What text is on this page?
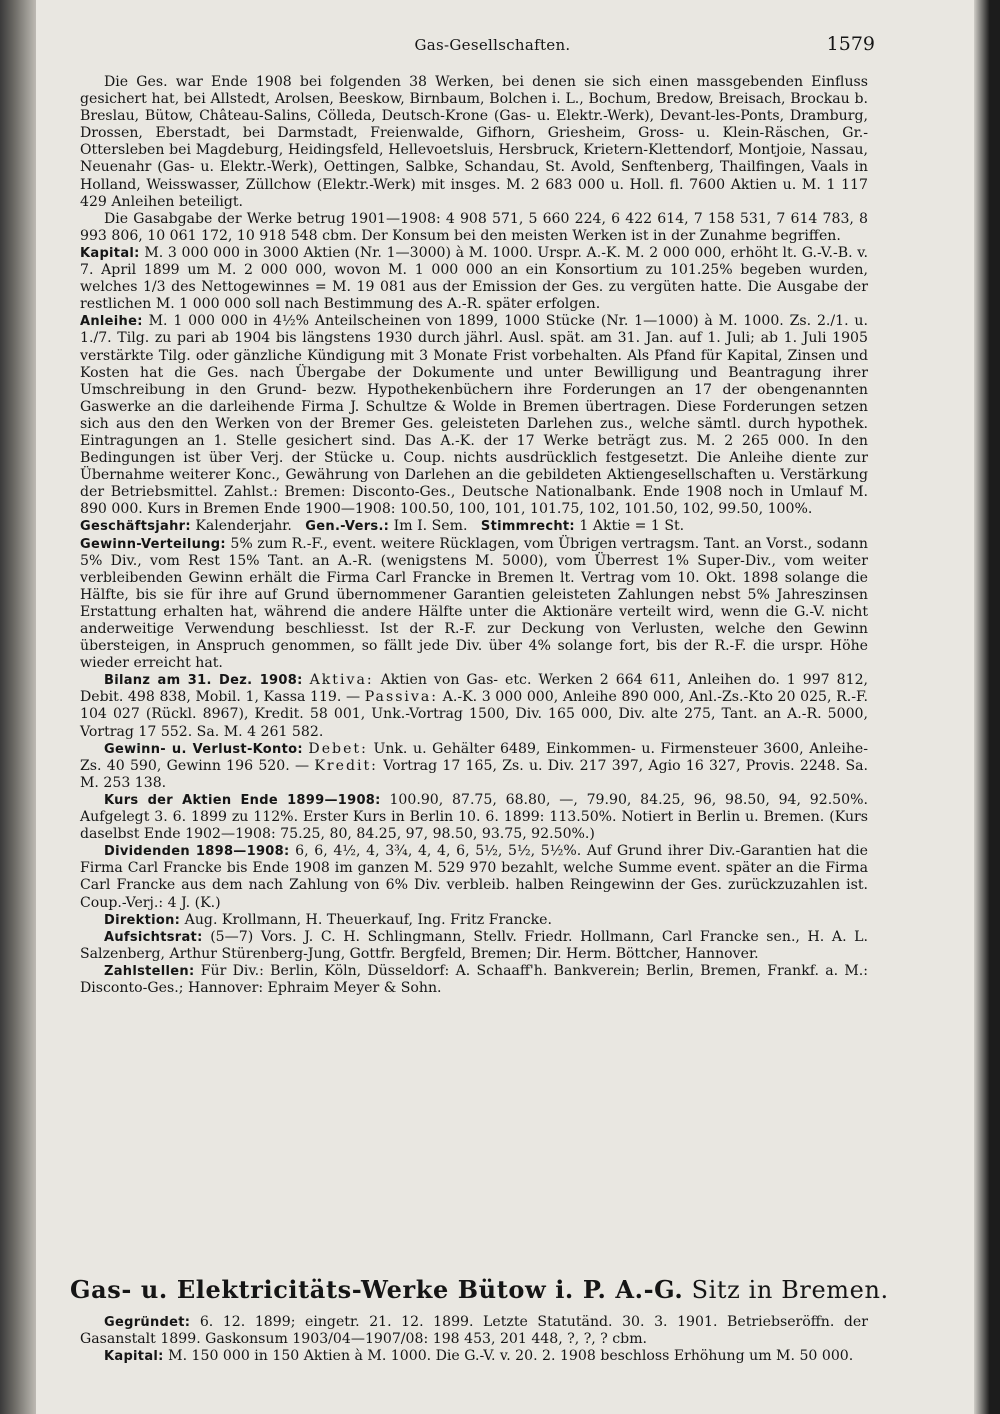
Gas-Gesellschaften.	1579

Die Ges. war Ende 1908 bei folgenden 38 Werken, bei denen sie sich einen massgebenden Einfluss gesichert hat, bei Allstedt, Arolsen, Beeskow, Birnbaum, Bolchen i. L., Bochum, Bredow, Breisach, Brockau b. Breslau, Bütow, Château-Salins, Cölleda, Deutsch-Krone (Gas- u. Elektr.-Werk), Devant-les-Ponts, Dramburg, Drossen, Eberstadt, bei Darmstadt, Freienwalde, Gifhorn, Griesheim, Gross- u. Klein-Räschen, Gr.-Ottersleben bei Magdeburg, Heidingsfeld, Hellevoetsluis, Hersbruck, Krietern-Klettendorf, Montjoie, Nassau, Neuenahr (Gas- u. Elektr.-Werk), Oettingen, Salbke, Schandau, St. Avold, Senftenberg, Thailfingen, Vaals in Holland, Weisswasser, Züllchow (Elektr.-Werk) mit insges. M. 2 683 000 u. Holl. fl. 7600 Aktien u. M. 1 117 429 Anleihen beteiligt.

Die Gasabgabe der Werke betrug 1901—1908: 4 908 571, 5 660 224, 6 422 614, 7 158 531, 7 614 783, 8 993 806, 10 061 172, 10 918 548 cbm. Der Konsum bei den meisten Werken ist in der Zunahme begriffen.

Kapital: M. 3 000 000 in 3000 Aktien (Nr. 1—3000) à M. 1000. Urspr. A.-K. M. 2 000 000, erhöht lt. G.-V.-B. v. 7. April 1899 um M. 2 000 000, wovon M. 1 000 000 an ein Konsortium zu 101.25% begeben wurden, welches 1/3 des Nettogewinnes = M. 19 081 aus der Emission der Ges. zu vergüten hatte. Die Ausgabe der restlichen M. 1 000 000 soll nach Bestimmung des A.-R. später erfolgen.

Anleihe: M. 1 000 000 in 4½% Anteilscheinen von 1899, 1000 Stücke (Nr. 1—1000) à M. 1000. Zs. 2./1. u. 1./7. Tilg. zu pari ab 1904 bis längstens 1930 durch jährl. Ausl. spät. am 31. Jan. auf 1. Juli; ab 1. Juli 1905 verstärkte Tilg. oder gänzliche Kündigung mit 3 Monate Frist vorbehalten. Als Pfand für Kapital, Zinsen und Kosten hat die Ges. nach Übergabe der Dokumente und unter Bewilligung und Beantragung ihrer Umschreibung in den Grund- bezw. Hypothekenbüchern ihre Forderungen an 17 der obengenannten Gaswerke an die darleihende Firma J. Schultze & Wolde in Bremen übertragen. Diese Forderungen setzen sich aus den den Werken von der Bremer Ges. geleisteten Darlehen zus., welche sämtl. durch hypothek. Eintragungen an 1. Stelle gesichert sind. Das A.-K. der 17 Werke beträgt zus. M. 2 265 000. In den Bedingungen ist über Verj. der Stücke u. Coup. nichts ausdrücklich festgesetzt. Die Anleihe diente zur Übernahme weiterer Konc., Gewährung von Darlehen an die gebildeten Aktiengesellschaften u. Verstärkung der Betriebsmittel. Zahlst.: Bremen: Disconto-Ges., Deutsche Nationalbank. Ende 1908 noch in Umlauf M. 890 000. Kurs in Bremen Ende 1900—1908: 100.50, 100, 101, 101.75, 102, 101.50, 102, 99.50, 100%.

Geschäftsjahr: Kalenderjahr. Gen.-Vers.: Im I. Sem. Stimmrecht: 1 Aktie = 1 St.

Gewinn-Verteilung: 5% zum R.-F., event. weitere Rücklagen, vom Übrigen vertragsm. Tant. an Vorst., sodann 5% Div., vom Rest 15% Tant. an A.-R. (wenigstens M. 5000), vom Überrest 1% Super-Div., vom weiter verbleibenden Gewinn erhält die Firma Carl Francke in Bremen lt. Vertrag vom 10. Okt. 1898 solange die Hälfte, bis sie für ihre auf Grund übernommener Garantien geleisteten Zahlungen nebst 5% Jahreszinsen Erstattung erhalten hat, während die andere Hälfte unter die Aktionäre verteilt wird, wenn die G.-V. nicht anderweitige Verwendung beschliesst. Ist der R.-F. zur Deckung von Verlusten, welche den Gewinn übersteigen, in Anspruch genommen, so fällt jede Div. über 4% solange fort, bis der R.-F. die urspr. Höhe wieder erreicht hat.

Bilanz am 31. Dez. 1908: Aktiva: Aktien von Gas- etc. Werken 2 664 611, Anleihen do. 1 997 812, Debit. 498 838, Mobil. 1, Kassa 119. — Passiva: A.-K. 3 000 000, Anleihe 890 000, Anl.-Zs.-Kto 20 025, R.-F. 104 027 (Rückl. 8967), Kredit. 58 001, Unk.-Vortrag 1500, Div. 165 000, Div. alte 275, Tant. an A.-R. 5000, Vortrag 17 552. Sa. M. 4 261 582.

Gewinn- u. Verlust-Konto: Debet: Unk. u. Gehälter 6489, Einkommen- u. Firmensteuer 3600, Anleihe-Zs. 40 590, Gewinn 196 520. — Kredit: Vortrag 17 165, Zs. u. Div. 217 397, Agio 16 327, Provis. 2248. Sa. M. 253 138.

Kurs der Aktien Ende 1899—1908: 100.90, 87.75, 68.80, —, 79.90, 84.25, 96, 98.50, 94, 92.50%. Aufgelegt 3. 6. 1899 zu 112%. Erster Kurs in Berlin 10. 6. 1899: 113.50%. Notiert in Berlin u. Bremen. (Kurs daselbst Ende 1902—1908: 75.25, 80, 84.25, 97, 98.50, 93.75, 92.50%.)

Dividenden 1898—1908: 6, 6, 4½, 4, 3¾, 4, 4, 6, 5½, 5½, 5½%. Auf Grund ihrer Div.-Garantien hat die Firma Carl Francke bis Ende 1908 im ganzen M. 529 970 bezahlt, welche Summe event. später an die Firma Carl Francke aus dem nach Zahlung von 6% Div. verbleib. halben Reingewinn der Ges. zurückzuzahlen ist. Coup.-Verj.: 4 J. (K.)

Direktion: Aug. Krollmann, H. Theuerkauf, Ing. Fritz Francke.

Aufsichtsrat: (5—7) Vors. J. C. H. Schlingmann, Stellv. Friedr. Hollmann, Carl Francke sen., H. A. L. Salzenberg, Arthur Stürenberg-Jung, Gottfr. Bergfeld, Bremen; Dir. Herm. Böttcher, Hannover.

Zahlstellen: Für Div.: Berlin, Köln, Düsseldorf: A. Schaaff'h. Bankverein; Berlin, Bremen, Frankf. a. M.: Disconto-Ges.; Hannover: Ephraim Meyer & Sohn.

Gas- u. Elektricitäts-Werke Bütow i. P. A.-G. Sitz in Bremen.

Gegründet: 6. 12. 1899; eingetr. 21. 12. 1899. Letzte Statutänd. 30. 3. 1901. Betriebseröffn. der Gasanstalt 1899. Gaskonsum 1903/04—1907/08: 198 453, 201 448, ?, ?, ? cbm.

Kapital: M. 150 000 in 150 Aktien à M. 1000. Die G.-V. v. 20. 2. 1908 beschloss Erhöhung um M. 50 000.
